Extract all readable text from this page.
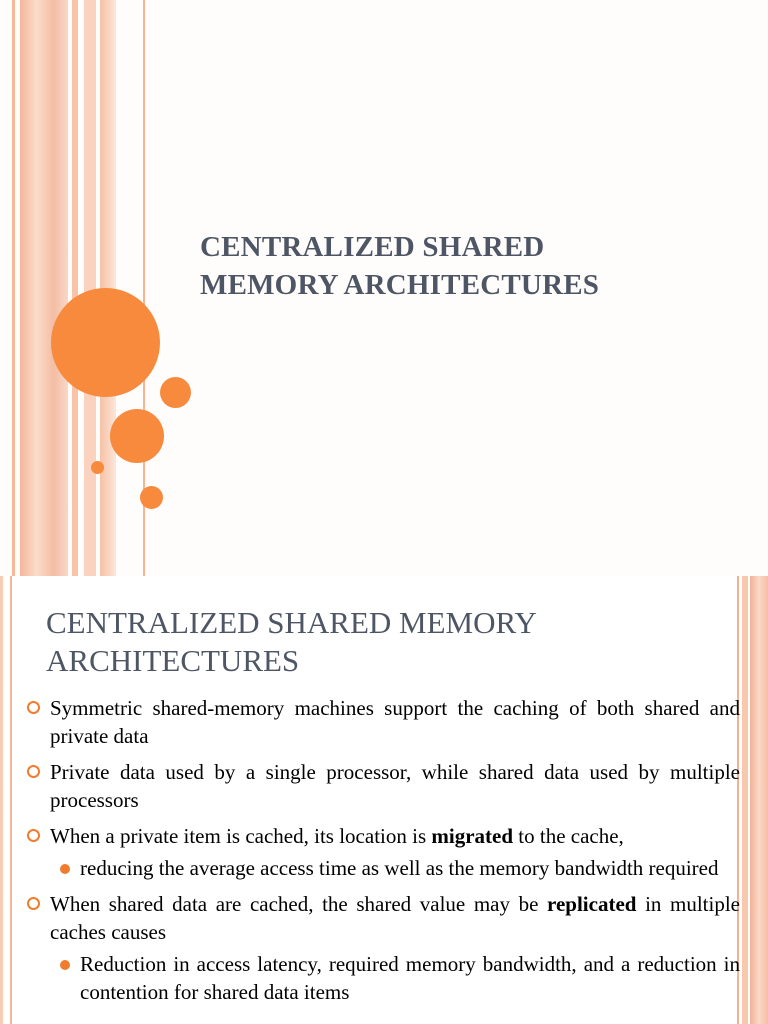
CENTRALIZED SHARED
MEMORY ARCHITECTURES
CENTRALIZED SHARED MEMORY
ARCHITECTURES
Symmetric shared-memory machines support the caching of both shared and private data
Private data used by a single processor, while shared data used by multiple processors
When a private item is cached, its location is migrated to the cache,
reducing the average access time as well as the memory bandwidth required
When shared data are cached, the shared value may be replicated in multiple caches causes
Reduction in access latency, required memory bandwidth, and a reduction in contention for shared data items
